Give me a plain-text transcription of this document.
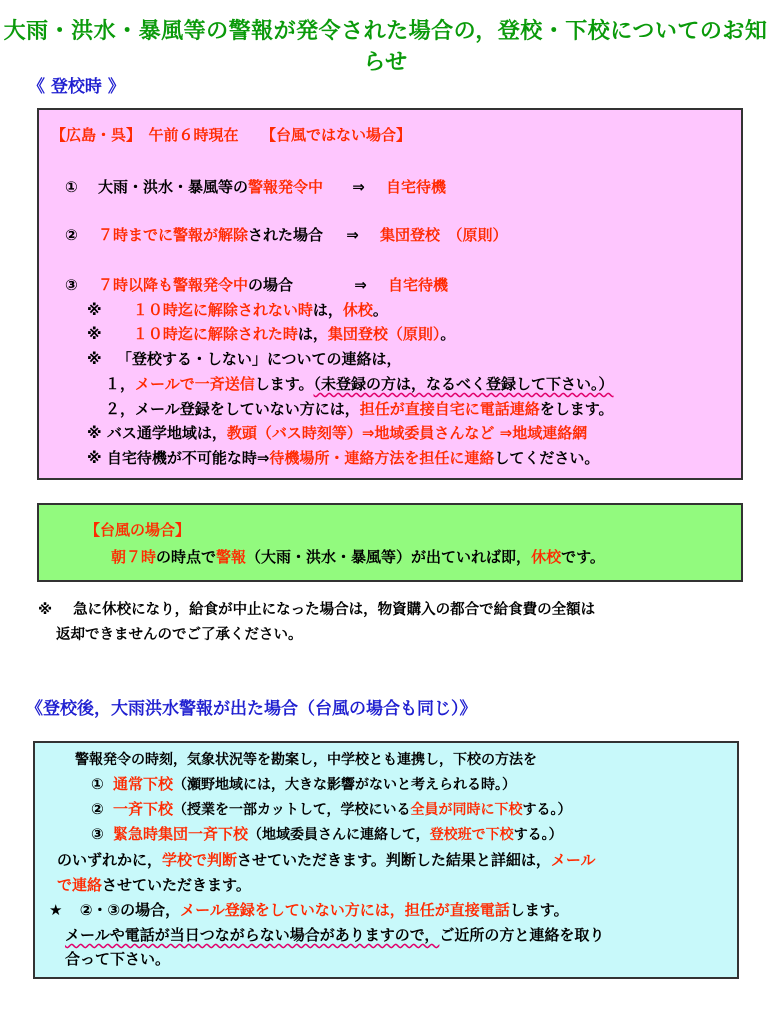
大雨・洪水・暴風等の警報が発令された場合の，登校・下校についてのお知らせ
《 登校時 》
【広島・呉】　午前６時現在　　【台風ではない場合】
①　 大雨・洪水・暴風等の警報発令中 ⇒ 自宅待機
②　 ７時までに警報が解除された場合 ⇒ 集団登校　（原則）
③　 ７時以降も警報発令中の場合	⇒ 自宅待機
※ １０時迄に解除されない時は，休校。
※ １０時迄に解除された時は，集団登校（原則）。
※ 「登校する・しない」についての連絡は，
１，メールで一斉送信します。（未登録の方は，なるべく登録して下さい。）
２，メール登録をしていない方には，担任が直接自宅に電話連絡をします。
※ バス通学地域は，教頭（バス時刻等）⇒地域委員さんなど ⇒地域連絡網
※ 自宅待機が不可能な時⇒待機場所・連絡方法を担任に連絡してください。
【台風の場合】
朝７時の時点で警報（大雨・洪水・暴風等）が出ていれば即，休校です。
※ 急に休校になり，給食が中止になった場合は，物資購入の都合で給食費の全額は
返却できませんのでご了承ください。
《登校後，大雨洪水警報が出た場合（台風の場合も同じ）》
警報発令の時刻，気象状況等を勘案し，中学校とも連携し，下校の方法を
① 通常下校（瀬野地域には，大きな影響がないと考えられる時。）
② 一斉下校（授業を一部カットして，学校にいる全員が同時に下校する。）
③ 緊急時集団一斉下校（地域委員さんに連絡して，登校班で下校する。）
のいずれかに，学校で判断させていただきます。判断した結果と詳細は，メール
で連絡させていただきます。
★ ②・③の場合，メール登録をしていない方には，担任が直接電話します。
メールや電話が当日つながらない場合がありますので，ご近所の方と連絡を取り
合って下さい。
